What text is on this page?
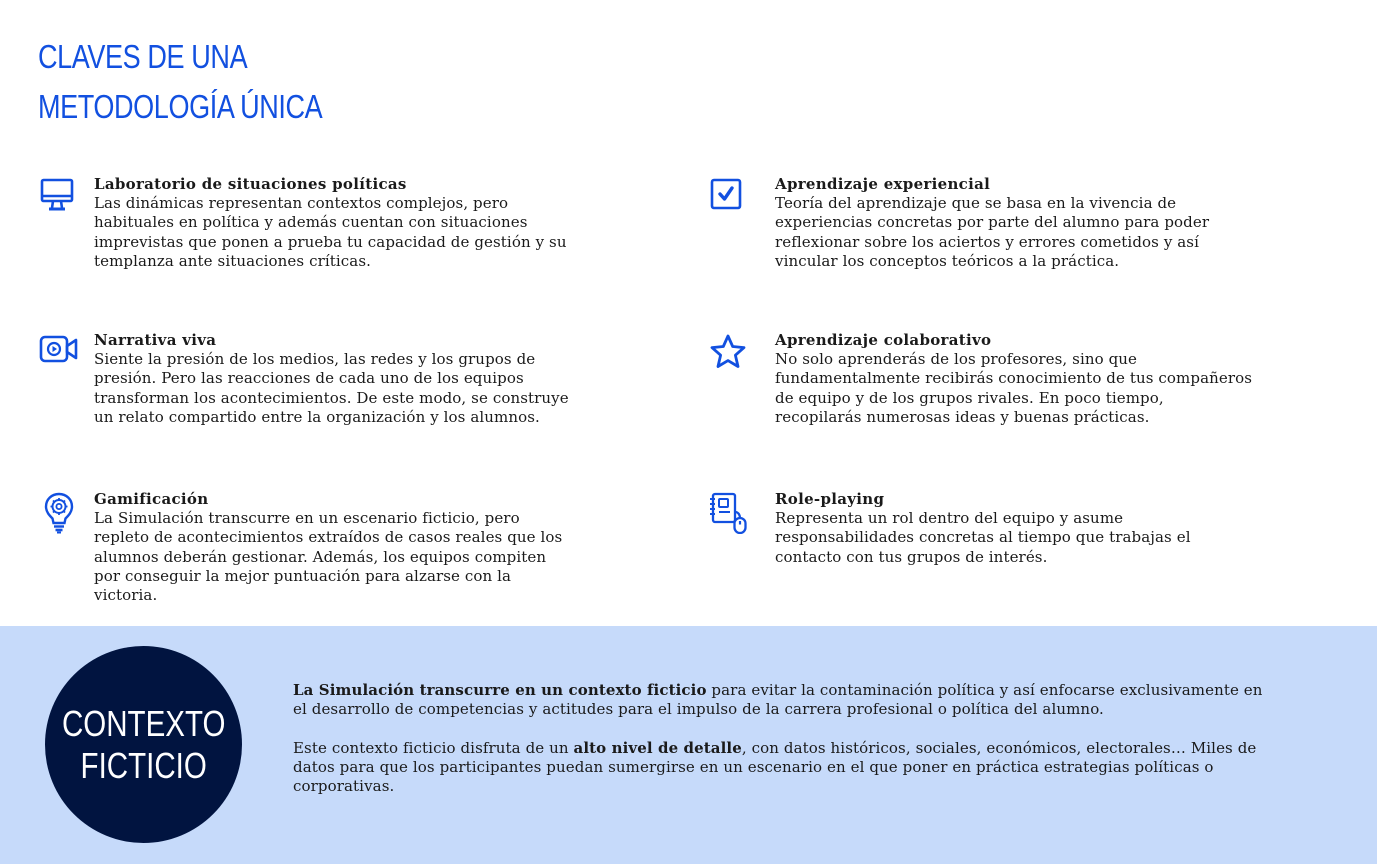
CLAVES DE UNA
METODOLOGÍA ÚNICA
Laboratorio de situaciones políticas

Las dinámicas representan contextos complejos, pero habituales en política y además cuentan con situaciones imprevistas que ponen a prueba tu capacidad de gestión y su templanza ante situaciones críticas.

Aprendizaje experiencial

Teoría del aprendizaje que se basa en la vivencia de experiencias concretas por parte del alumno para poder reflexionar sobre los aciertos y errores cometidos y así vincular los conceptos teóricos a la práctica.

Narrativa viva

Siente la presión de los medios, las redes y los grupos de presión. Pero las reacciones de cada uno de los equipos transforman los acontecimientos. De este modo, se construye un relato compartido entre la organización y los alumnos.

Aprendizaje colaborativo

No solo aprenderás de los profesores, sino que fundamentalmente recibirás conocimiento de tus compañeros de equipo y de los grupos rivales. En poco tiempo, recopilarás numerosas ideas y buenas prácticas.

Gamificación

La Simulación transcurre en un escenario ficticio, pero repleto de acontecimientos extraídos de casos reales que los alumnos deberán gestionar. Además, los equipos compiten por conseguir la mejor puntuación para alzarse con la victoria.

Role-playing

Representa un rol dentro del equipo y asume responsabilidades concretas al tiempo que trabajas el contacto con tus grupos de interés.

CONTEXTO
FICTICIO

La Simulación transcurre en un contexto ficticio para evitar la contaminación política y así enfocarse exclusivamente en el desarrollo de competencias y actitudes para el impulso de la carrera profesional o política del alumno.

Este contexto ficticio disfruta de un alto nivel de detalle, con datos históricos, sociales, económicos, electorales… Miles de datos para que los participantes puedan sumergirse en un escenario en el que poner en práctica estrategias políticas o corporativas.
